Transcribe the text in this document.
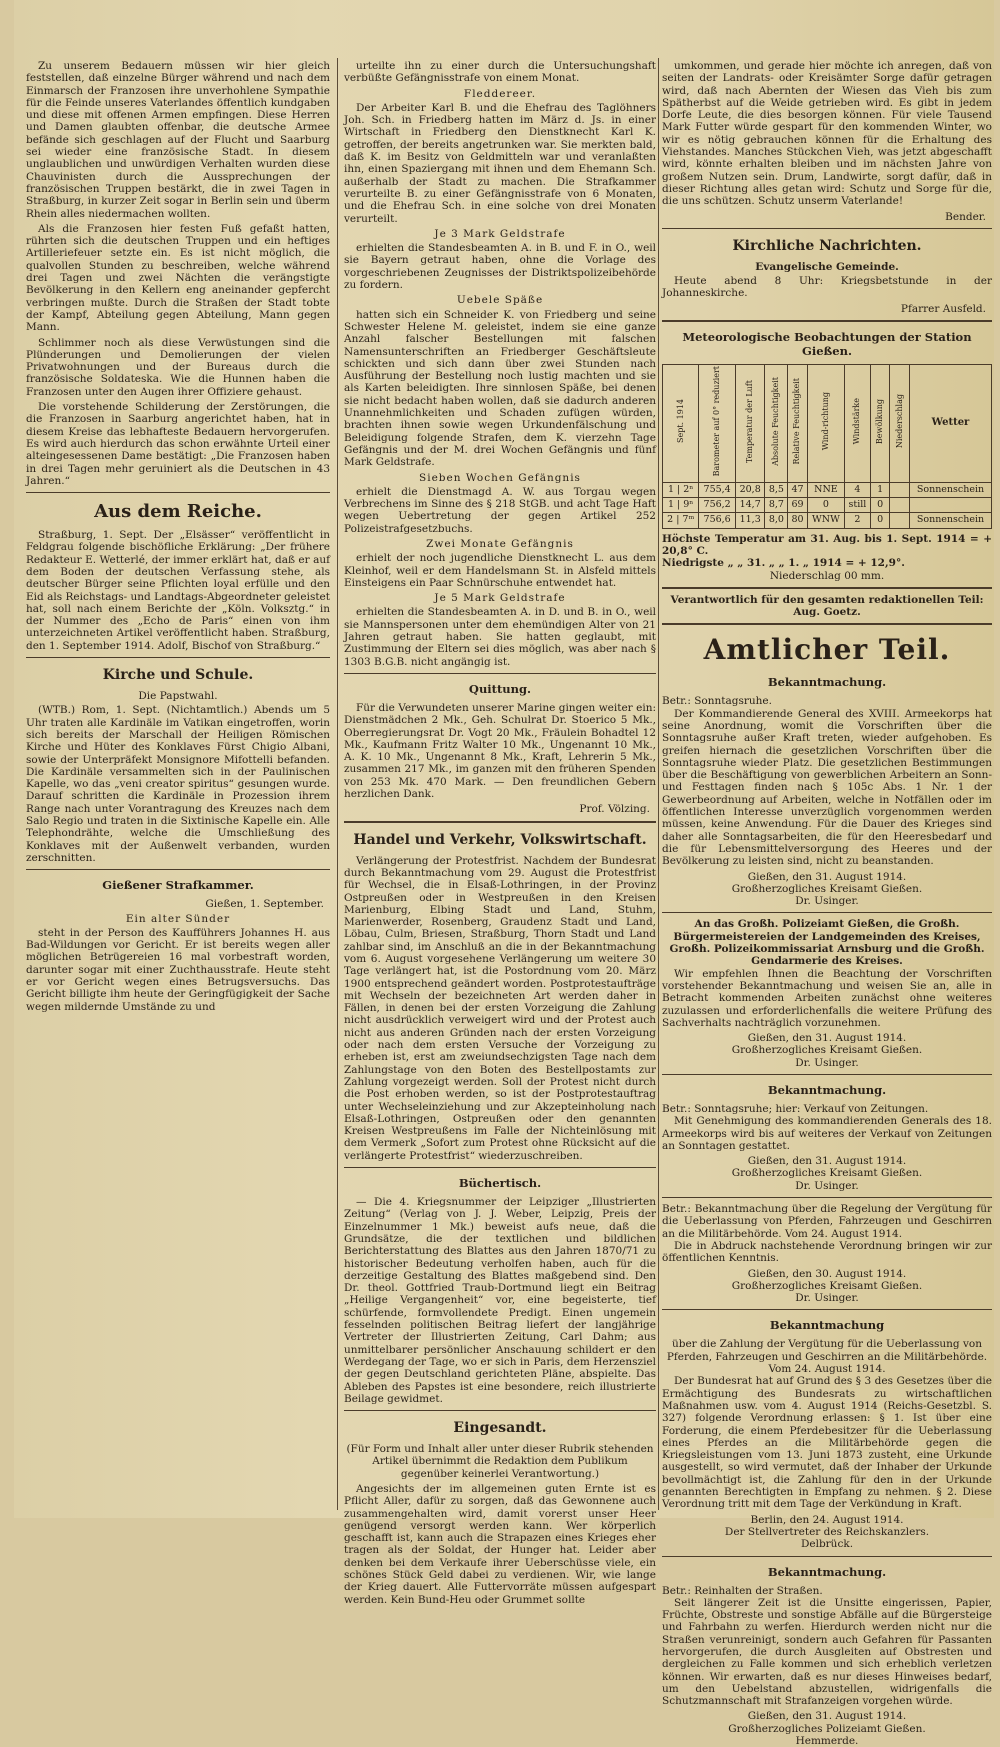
Zu unserem Bedauern müssen wir hier gleich feststellen, daß einzelne Bürger während und nach dem Einmarsch der Franzosen ihre unverhohlene Sympathie für die Feinde unseres Vaterlandes öffentlich kundgaben und diese mit offenen Armen empfingen. Diese Herren und Damen glaubten offenbar, die deutsche Armee befände sich geschlagen auf der Flucht und Saarburg sei wieder eine französische Stadt. In diesem unglaublichen und unwürdigen Verhalten wurden diese Chauvinisten durch die Aussprechungen der französischen Truppen bestärkt, die in zwei Tagen in Straßburg, in kurzer Zeit sogar in Berlin sein und überm Rhein alles niedermachen wollten.

Als die Franzosen hier festen Fuß gefaßt hatten, rührten sich die deutschen Truppen und ein heftiges Artilleriefeuer setzte ein. Es ist nicht möglich, die qualvollen Stunden zu beschreiben, welche während drei Tagen und zwei Nächten die verängstigte Bevölkerung in den Kellern eng aneinander gepfercht verbringen mußte. Durch die Straßen der Stadt tobte der Kampf, Abteilung gegen Abteilung, Mann gegen Mann.

Schlimmer noch als diese Verwüstungen sind die Plünderungen und Demolierungen der vielen Privatwohnungen und der Bureaus durch die französische Soldateska. Wie die Hunnen haben die Franzosen unter den Augen ihrer Offiziere gehaust.

Die vorstehende Schilderung der Zerstörungen, die die Franzosen in Saarburg angerichtet haben, hat in diesem Kreise das lebhafteste Bedauern hervorgerufen. Es wird auch hierdurch das schon erwähnte Urteil einer alteingesessenen Dame bestätigt: „Die Franzosen haben in drei Tagen mehr geruiniert als die Deutschen in 43 Jahren.“

Aus dem Reiche.

Straßburg, 1. Sept. Der „Elsässer“ veröffentlicht in Feldgrau folgende bischöfliche Erklärung: „Der frühere Redakteur E. Wetterlé, der immer erklärt hat, daß er auf dem Boden der deutschen Verfassung stehe, als deutscher Bürger seine Pflichten loyal erfülle und den Eid als Reichstags- und Landtags-Abgeordneter geleistet hat, soll nach einem Berichte der „Köln. Volksztg.“ in der Nummer des „Echo de Paris“ einen von ihm unterzeichneten Artikel veröffentlicht haben. Straßburg, den 1. September 1914. Adolf, Bischof von Straßburg.“

Kirche und Schule.
Die Papstwahl.

(WTB.) Rom, 1. Sept. (Nichtamtlich.) Abends um 5 Uhr traten alle Kardinäle im Vatikan eingetroffen, worin sich bereits der Marschall der Heiligen Römischen Kirche und Hüter des Konklaves Fürst Chigio Albani, sowie der Unterpräfekt Monsignore Mifottelli befanden. Die Kardinäle versammelten sich in der Paulinischen Kapelle, wo das „veni creator spiritus“ gesungen wurde. Darauf schritten die Kardinäle in Prozession ihrem Range nach unter Vorantragung des Kreuzes nach dem Salo Regio und traten in die Sixtinische Kapelle ein. Alle Telephondrähte, welche die Umschließung des Konklaves mit der Außenwelt verbanden, wurden zerschnitten.

Gießener Strafkammer.
Gießen, 1. September.
Ein alter Sünder

steht in der Person des Kaufführers Johannes H. aus Bad-Wildungen vor Gericht. Er ist bereits wegen aller möglichen Betrügereien 16 mal vorbestraft worden, darunter sogar mit einer Zuchthausstrafe. Heute steht er vor Gericht wegen eines Betrugsversuchs. Das Gericht billigte ihm heute der Geringfügigkeit der Sache wegen mildernde Umstände zu und

urteilte ihn zu einer durch die Untersuchungshaft verbüßte Gefängnisstrafe von einem Monat.

Fleddereer.

Der Arbeiter Karl B. und die Ehefrau des Taglöhners Joh. Sch. in Friedberg hatten im März d. Js. in einer Wirtschaft in Friedberg den Dienstknecht Karl K. getroffen, der bereits angetrunken war. Sie merkten bald, daß K. im Besitz von Geldmitteln war und veranlaßten ihn, einen Spaziergang mit ihnen und dem Ehemann Sch. außerhalb der Stadt zu machen. Die Strafkammer verurteilte B. zu einer Gefängnisstrafe von 6 Monaten, und die Ehefrau Sch. in eine solche von drei Monaten verurteilt.

Je 3 Mark Geldstrafe

erhielten die Standesbeamten A. in B. und F. in O., weil sie Bayern getraut haben, ohne die Vorlage des vorgeschriebenen Zeugnisses der Distriktspolizeibehörde zu fordern.

Uebele Späße

hatten sich ein Schneider K. von Friedberg und seine Schwester Helene M. geleistet, indem sie eine ganze Anzahl falscher Bestellungen mit falschen Namensunterschriften an Friedberger Geschäftsleute schickten und sich dann über zwei Stunden nach Ausführung der Bestellung noch lustig machten und sie als Karten beleidigten. Ihre sinnlosen Späße, bei denen sie nicht bedacht haben wollen, daß sie dadurch anderen Unannehmlichkeiten und Schaden zufügen würden, brachten ihnen sowie wegen Urkundenfälschung und Beleidigung folgende Strafen, dem K. vierzehn Tage Gefängnis und der M. drei Wochen Gefängnis und fünf Mark Geldstrafe.

Sieben Wochen Gefängnis

erhielt die Dienstmagd A. W. aus Torgau wegen Verbrechens im Sinne des § 218 StGB. und acht Tage Haft wegen Uebertretung der gegen Artikel 252 Polizeistrafgesetzbuchs.

Zwei Monate Gefängnis

erhielt der noch jugendliche Dienstknecht L. aus dem Kleinhof, weil er dem Handelsmann St. in Alsfeld mittels Einsteigens ein Paar Schnürschuhe entwendet hat.

Je 5 Mark Geldstrafe

erhielten die Standesbeamten A. in D. und B. in O., weil sie Mannspersonen unter dem ehemündigen Alter von 21 Jahren getraut haben. Sie hatten geglaubt, mit Zustimmung der Eltern sei dies möglich, was aber nach § 1303 B.G.B. nicht angängig ist.

Quittung.

Für die Verwundeten unserer Marine gingen weiter ein: Dienstmädchen 2 Mk., Geh. Schulrat Dr. Stoerico 5 Mk., Oberregierungsrat Dr. Vogt 20 Mk., Fräulein Bohadtel 12 Mk., Kaufmann Fritz Walter 10 Mk., Ungenannt 10 Mk., A. K. 10 Mk., Ungenannt 8 Mk., Kraft, Lehrerin 5 Mk., zusammen 217 Mk., im ganzen mit den früheren Spenden von 253 Mk. 470 Mark. — Den freundlichen Gebern herzlichen Dank.

Prof. Völzing.
Handel und Verkehr, Volkswirtschaft.

Verlängerung der Protestfrist. Nachdem der Bundesrat durch Bekanntmachung vom 29. August die Protestfrist für Wechsel, die in Elsaß-Lothringen, in der Provinz Ostpreußen oder in Westpreußen in den Kreisen Marienburg, Elbing Stadt und Land, Stuhm, Marienwerder, Rosenberg, Graudenz Stadt und Land, Löbau, Culm, Briesen, Straßburg, Thorn Stadt und Land zahlbar sind, im Anschluß an die in der Bekanntmachung vom 6. August vorgesehene Verlängerung um weitere 30 Tage verlängert hat, ist die Postordnung vom 20. März 1900 entsprechend geändert worden. Postprotestaufträge mit Wechseln der bezeichneten Art werden daher in Fällen, in denen bei der ersten Vorzeigung die Zahlung nicht ausdrücklich verweigert wird und der Protest auch nicht aus anderen Gründen nach der ersten Vorzeigung oder nach dem ersten Versuche der Vorzeigung zu erheben ist, erst am zweiundsechzigsten Tage nach dem Zahlungstage von den Boten des Bestellpostamts zur Zahlung vorgezeigt werden. Soll der Protest nicht durch die Post erhoben werden, so ist der Postprotestauftrag unter Wechseleinziehung und zur Akzepteinholung nach Elsaß-Lothringen, Ostpreußen oder den genannten Kreisen Westpreußens im Falle der Nichteinlösung mit dem Vermerk „Sofort zum Protest ohne Rücksicht auf die verlängerte Protestfrist“ wiederzuschreiben.

Büchertisch.

— Die 4. Kriegsnummer der Leipziger „Illustrierten Zeitung“ (Verlag von J. J. Weber, Leipzig, Preis der Einzelnummer 1 Mk.) beweist aufs neue, daß die Grundsätze, die der textlichen und bildlichen Berichterstattung des Blattes aus den Jahren 1870/71 zu historischer Bedeutung verholfen haben, auch für die derzeitige Gestaltung des Blattes maßgebend sind. Den Dr. theol. Gottfried Traub-Dortmund liegt ein Beitrag „Heilige Vergangenheit“ vor, eine begeisterte, tief schürfende, formvollendete Predigt. Einen ungemein fesselnden politischen Beitrag liefert der langjährige Vertreter der Illustrierten Zeitung, Carl Dahm; aus unmittelbarer persönlicher Anschauung schildert er den Werdegang der Tage, wo er sich in Paris, dem Herzensziel der gegen Deutschland gerichteten Pläne, abspielte. Das Ableben des Papstes ist eine besondere, reich illustrierte Beilage gewidmet.

Eingesandt.

(Für Form und Inhalt aller unter dieser Rubrik stehenden Artikel übernimmt die Redaktion dem Publikum gegenüber keinerlei Verantwortung.)

Angesichts der im allgemeinen guten Ernte ist es Pflicht Aller, dafür zu sorgen, daß das Gewonnene auch zusammengehalten wird, damit vorerst unser Heer genügend versorgt werden kann. Wer körperlich geschafft ist, kann auch die Strapazen eines Krieges eher tragen als der Soldat, der Hunger hat. Leider aber denken bei dem Verkaufe ihrer Ueberschüsse viele, ein schönes Stück Geld dabei zu verdienen. Wir, wie lange der Krieg dauert. Alle Futtervorräte müssen aufgespart werden. Kein Bund-Heu oder Grummet sollte

umkommen, und gerade hier möchte ich anregen, daß von seiten der Landrats- oder Kreisämter Sorge dafür getragen wird, daß nach Abernten der Wiesen das Vieh bis zum Spätherbst auf die Weide getrieben wird. Es gibt in jedem Dorfe Leute, die dies besorgen können. Für viele Tausend Mark Futter würde gespart für den kommenden Winter, wo wir es nötig gebrauchen können für die Erhaltung des Viehstandes. Manches Stückchen Vieh, was jetzt abgeschafft wird, könnte erhalten bleiben und im nächsten Jahre von großem Nutzen sein. Drum, Landwirte, sorgt dafür, daß in dieser Richtung alles getan wird: Schutz und Sorge für die, die uns schützen. Schutz unserm Vaterlande!

Bender.
Kirchliche Nachrichten.
Evangelische Gemeinde.

Heute abend 8 Uhr: Kriegsbetstunde in der Johanneskirche.

Pfarrer Ausfeld.
Meteorologische Beobachtungen der Station Gießen.
Sept. 1914	Barometer auf 0° reduziert	Temperatur der Luft	Absolute Feuchtigkeit	Relative Feuchtigkeit	Wind-richtung	Windstärke	Bewölkung	Niederschlag	Wetter
1 | 2ⁿ	755,4	20,8	8,5	47	NNE	4	1		Sonnenschein
1 | 9ⁿ	756,2	14,7	8,7	69	0	still	0		
2 | 7ᵐ	756,6	11,3	8,0	80	WNW	2	0		Sonnenschein
Höchste Temperatur am 31. Aug. bis 1. Sept. 1914 = + 20,8° C.
Niedrigste „ „ 31. „ „ 1. „ 1914 = + 12,9°.
Niederschlag 00 mm.
Verantwortlich für den gesamten redaktionellen Teil: Aug. Goetz.
Amtlicher Teil.
Bekanntmachung.
Betr.: Sonntagsruhe.

Der Kommandierende General des XVIII. Armeekorps hat seine Anordnung, womit die Vorschriften über die Sonntagsruhe außer Kraft treten, wieder aufgehoben. Es greifen hiernach die gesetzlichen Vorschriften über die Sonntagsruhe wieder Platz. Die gesetzlichen Bestimmungen über die Beschäftigung von gewerblichen Arbeitern an Sonn- und Festtagen finden nach § 105c Abs. 1 Nr. 1 der Gewerbeordnung auf Arbeiten, welche in Notfällen oder im öffentlichen Interesse unverzüglich vorgenommen werden müssen, keine Anwendung. Für die Dauer des Krieges sind daher alle Sonntagsarbeiten, die für den Heeresbedarf und die für Lebensmittelversorgung des Heeres und der Bevölkerung zu leisten sind, nicht zu beanstanden.

Gießen, den 31. August 1914.
Großherzogliches Kreisamt Gießen.
Dr. Usinger.
An das Großh. Polizeiamt Gießen, die Großh. Bürgermeistereien der Landgemeinden des Kreises, Großh. Polizeikommissariat Arnsburg und die Großh. Gendarmerie des Kreises.

Wir empfehlen Ihnen die Beachtung der Vorschriften vorstehender Bekanntmachung und weisen Sie an, alle in Betracht kommenden Arbeiten zunächst ohne weiteres zuzulassen und erforderlichenfalls die weitere Prüfung des Sachverhalts nachträglich vorzunehmen.

Gießen, den 31. August 1914.
Großherzogliches Kreisamt Gießen.
Dr. Usinger.
Bekanntmachung.
Betr.: Sonntagsruhe; hier: Verkauf von Zeitungen.

Mit Genehmigung des kommandierenden Generals des 18. Armeekorps wird bis auf weiteres der Verkauf von Zeitungen an Sonntagen gestattet.

Gießen, den 31. August 1914.
Großherzogliches Kreisamt Gießen.
Dr. Usinger.
Betr.: Bekanntmachung über die Regelung der Vergütung für die Ueberlassung von Pferden, Fahrzeugen und Geschirren an die Militärbehörde. Vom 24. August 1914.

Die in Abdruck nachstehende Verordnung bringen wir zur öffentlichen Kenntnis.

Gießen, den 30. August 1914.
Großherzogliches Kreisamt Gießen.
Dr. Usinger.
Bekanntmachung
über die Zahlung der Vergütung für die Ueberlassung von Pferden, Fahrzeugen und Geschirren an die Militärbehörde. Vom 24. August 1914.

Der Bundesrat hat auf Grund des § 3 des Gesetzes über die Ermächtigung des Bundesrats zu wirtschaftlichen Maßnahmen usw. vom 4. August 1914 (Reichs-Gesetzbl. S. 327) folgende Verordnung erlassen: § 1. Ist über eine Forderung, die einem Pferdebesitzer für die Ueberlassung eines Pferdes an die Militärbehörde gegen die Kriegsleistungen vom 13. Juni 1873 zusteht, eine Urkunde ausgestellt, so wird vermutet, daß der Inhaber der Urkunde bevollmächtigt ist, die Zahlung für den in der Urkunde genannten Berechtigten in Empfang zu nehmen. § 2. Diese Verordnung tritt mit dem Tage der Verkündung in Kraft.

Berlin, den 24. August 1914.
Der Stellvertreter des Reichskanzlers.
Delbrück.
Bekanntmachung.
Betr.: Reinhalten der Straßen.

Seit längerer Zeit ist die Unsitte eingerissen, Papier, Früchte, Obstreste und sonstige Abfälle auf die Bürgersteige und Fahrbahn zu werfen. Hierdurch werden nicht nur die Straßen verunreinigt, sondern auch Gefahren für Passanten hervorgerufen, die durch Ausgleiten auf Obstresten und dergleichen zu Falle kommen und sich erheblich verletzen können. Wir erwarten, daß es nur dieses Hinweises bedarf, um den Uebelstand abzustellen, widrigenfalls die Schutzmannschaft mit Strafanzeigen vorgehen würde.

Gießen, den 31. August 1914.
Großherzogliches Polizeiamt Gießen.
Hemmerde.
